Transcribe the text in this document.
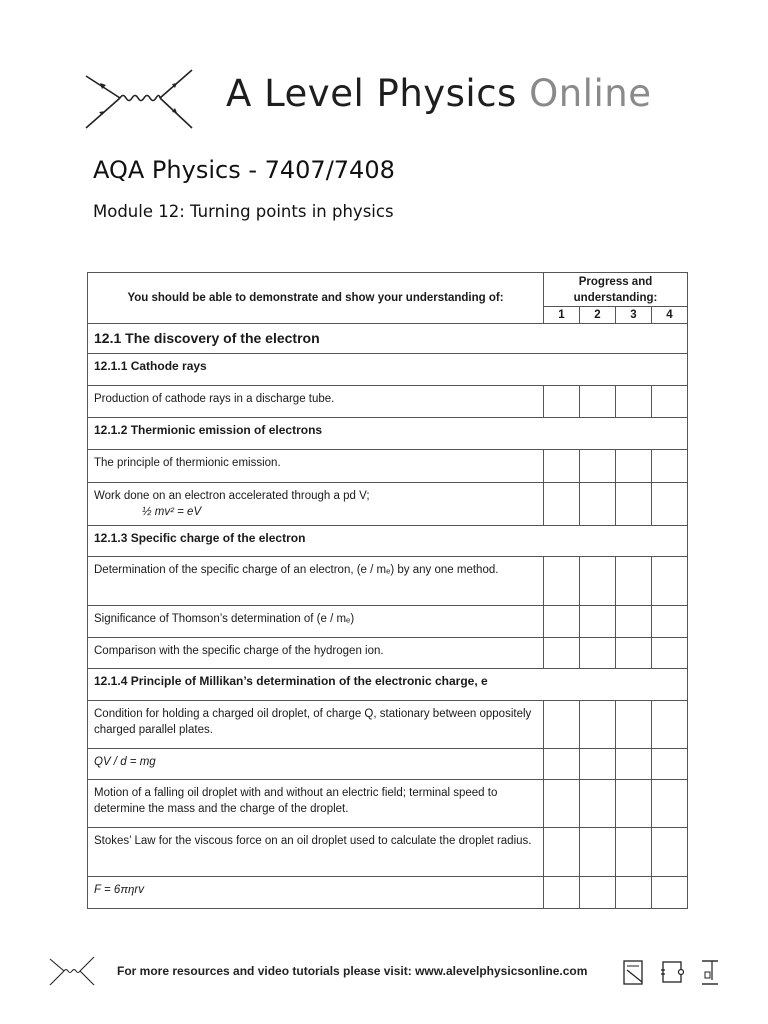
A Level Physics Online
AQA Physics - 7407/7408
Module 12: Turning points in physics
You should be able to demonstrate and show your understanding of:	Progress and understanding:			
	1	2	3	4
12.1 The discovery of the electron				
12.1.1 Cathode rays				
Production of cathode rays in a discharge tube.				
12.1.2 Thermionic emission of electrons				
The principle of thermionic emission.				
Work done on an electron accelerated through a pd V;
½ mv² = eV				

12.1.3 Specific charge of the electron				
Determination of the specific charge of an electron, (e / mₑ) by any one method.				
Significance of Thomson’s determination of (e / mₑ)				
Comparison with the specific charge of the hydrogen ion.				
12.1.4 Principle of Millikan’s determination of the electronic charge, e				
Condition for holding a charged oil droplet, of charge Q, stationary between oppositely charged parallel plates.				
QV / d = mg				
Motion of a falling oil droplet with and without an electric field; terminal speed to determine the mass and the charge of the droplet.				
Stokes’ Law for the viscous force on an oil droplet used to calculate the droplet radius.				
F = 6πηrv				
For more resources and video tutorials please visit: www.alevelphysicsonline.com
